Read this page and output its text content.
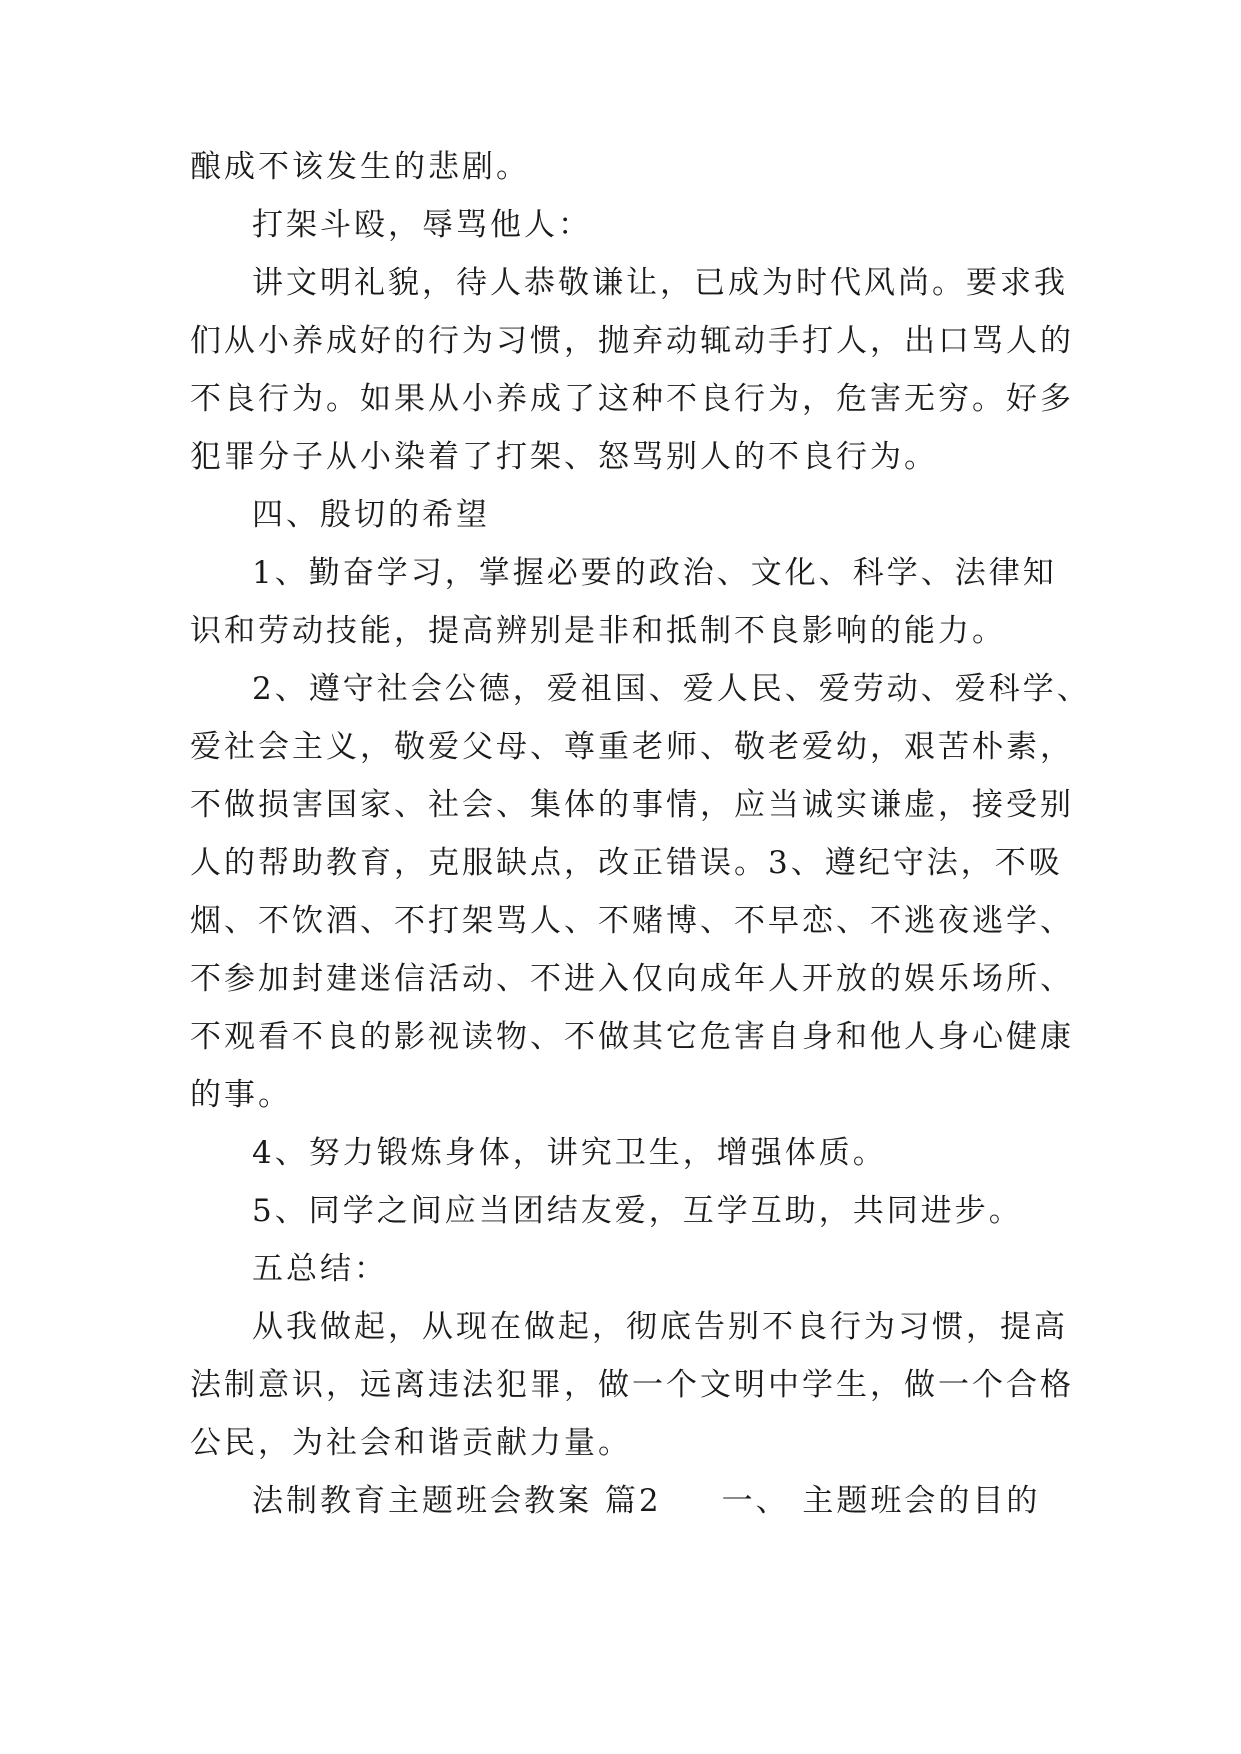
酿成不该发生的悲剧。
打架斗殴，辱骂他人：
讲文明礼貌，待人恭敬谦让，已成为时代风尚。要求我
们从小养成好的行为习惯，抛弃动辄动手打人，出口骂人的
不良行为。如果从小养成了这种不良行为，危害无穷。好多
犯罪分子从小染着了打架、怒骂别人的不良行为。
四、殷切的希望
1、勤奋学习，掌握必要的政治、文化、科学、法律知
识和劳动技能，提高辨别是非和抵制不良影响的能力。
2、遵守社会公德，爱祖国、爱人民、爱劳动、爱科学、
爱社会主义，敬爱父母、尊重老师、敬老爱幼，艰苦朴素，
不做损害国家、社会、集体的事情，应当诚实谦虚，接受别
人的帮助教育，克服缺点，改正错误。3、遵纪守法，不吸
烟、不饮酒、不打架骂人、不赌博、不早恋、不逃夜逃学、
不参加封建迷信活动、不进入仅向成年人开放的娱乐场所、
不观看不良的影视读物、不做其它危害自身和他人身心健康
的事。
4、努力锻炼身体，讲究卫生，增强体质。
5、同学之间应当团结友爱，互学互助，共同进步。
五总结：
从我做起，从现在做起，彻底告别不良行为习惯，提高
法制意识，远离违法犯罪，做一个文明中学生，做一个合格
公民，为社会和谐贡献力量。
法制教育主题班会教案 篇2 一、 主题班会的目的
